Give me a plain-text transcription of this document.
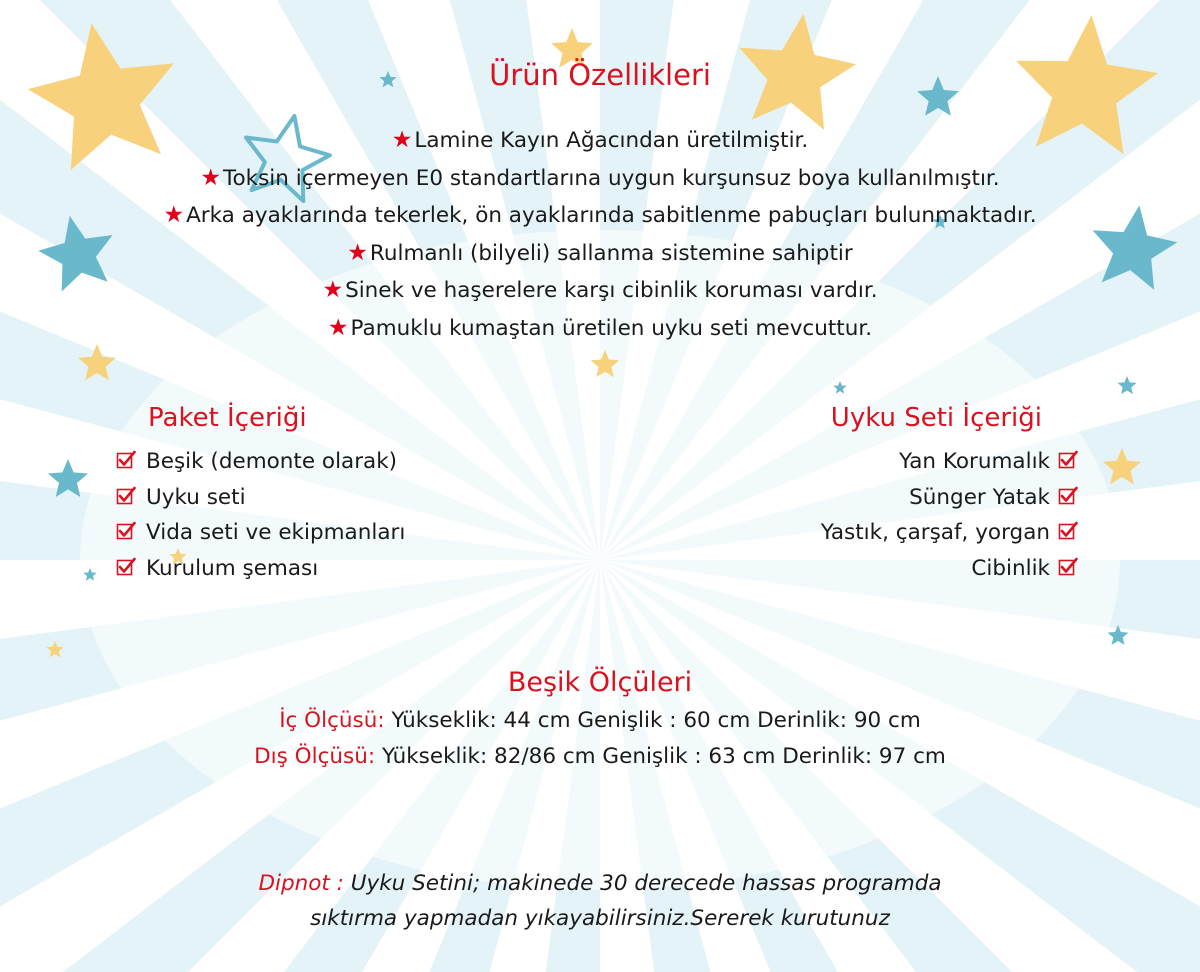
Ürün Özellikleri
★Lamine Kayın Ağacından üretilmiştir.
★Toksin içermeyen E0 standartlarına uygun kurşunsuz boya kullanılmıştır.
★Arka ayaklarında tekerlek, ön ayaklarında sabitlenme pabuçları bulunmaktadır.
★Rulmanlı (bilyeli) sallanma sistemine sahiptir
★Sinek ve haşerelere karşı cibinlik koruması vardır.
★Pamuklu kumaştan üretilen uyku seti mevcuttur.
Paket İçeriği
Beşik (demonte olarak)
Uyku seti
Vida seti ve ekipmanları
Kurulum şeması
Uyku Seti İçeriği
Yan Korumalık
Sünger Yatak
Yastık, çarşaf, yorgan
Cibinlik
Beşik Ölçüleri
İç Ölçüsü: Yükseklik: 44 cm Genişlik : 60 cm Derinlik: 90 cm
Dış Ölçüsü: Yükseklik: 82/86 cm Genişlik : 63 cm Derinlik: 97 cm
Dipnot : Uyku Setini; makinede 30 derecede hassas programda
sıktırma yapmadan yıkayabilirsiniz.Sererek kurutunuz
